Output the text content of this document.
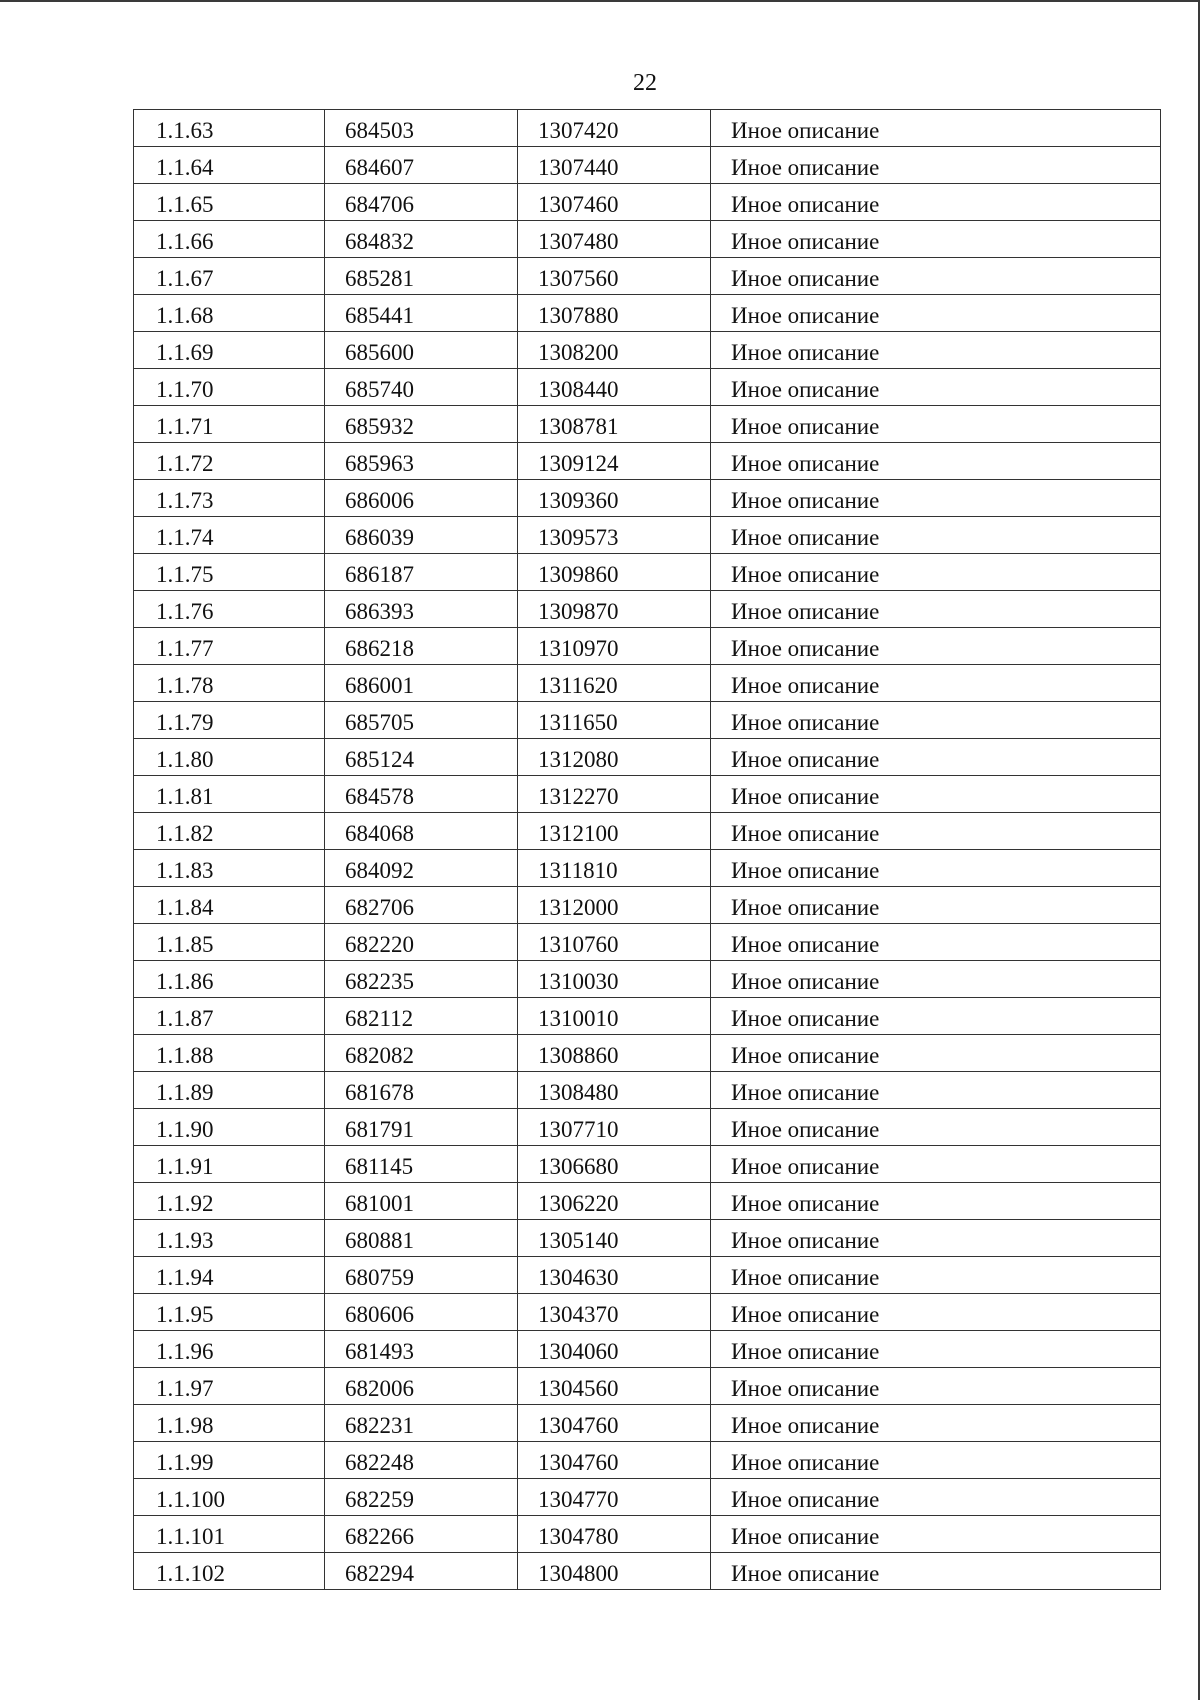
22
1.1.63	684503	1307420	Иное описание
1.1.64	684607	1307440	Иное описание
1.1.65	684706	1307460	Иное описание
1.1.66	684832	1307480	Иное описание
1.1.67	685281	1307560	Иное описание
1.1.68	685441	1307880	Иное описание
1.1.69	685600	1308200	Иное описание
1.1.70	685740	1308440	Иное описание
1.1.71	685932	1308781	Иное описание
1.1.72	685963	1309124	Иное описание
1.1.73	686006	1309360	Иное описание
1.1.74	686039	1309573	Иное описание
1.1.75	686187	1309860	Иное описание
1.1.76	686393	1309870	Иное описание
1.1.77	686218	1310970	Иное описание
1.1.78	686001	1311620	Иное описание
1.1.79	685705	1311650	Иное описание
1.1.80	685124	1312080	Иное описание
1.1.81	684578	1312270	Иное описание
1.1.82	684068	1312100	Иное описание
1.1.83	684092	1311810	Иное описание
1.1.84	682706	1312000	Иное описание
1.1.85	682220	1310760	Иное описание
1.1.86	682235	1310030	Иное описание
1.1.87	682112	1310010	Иное описание
1.1.88	682082	1308860	Иное описание
1.1.89	681678	1308480	Иное описание
1.1.90	681791	1307710	Иное описание
1.1.91	681145	1306680	Иное описание
1.1.92	681001	1306220	Иное описание
1.1.93	680881	1305140	Иное описание
1.1.94	680759	1304630	Иное описание
1.1.95	680606	1304370	Иное описание
1.1.96	681493	1304060	Иное описание
1.1.97	682006	1304560	Иное описание
1.1.98	682231	1304760	Иное описание
1.1.99	682248	1304760	Иное описание
1.1.100	682259	1304770	Иное описание
1.1.101	682266	1304780	Иное описание
1.1.102	682294	1304800	Иное описание
